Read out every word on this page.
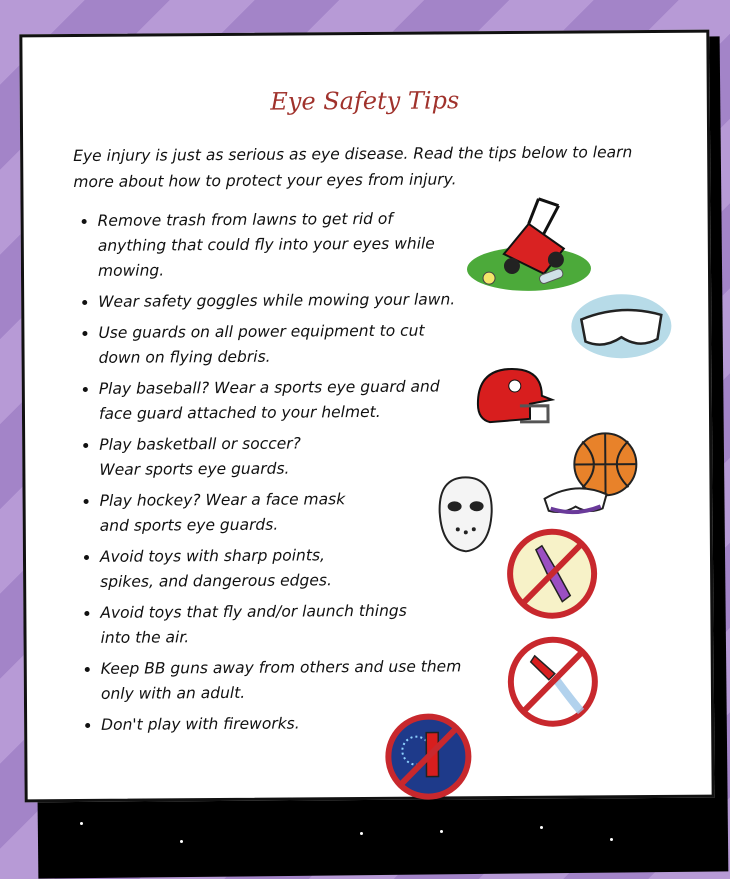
Eye Safety Tips
Eye injury is just as serious as eye disease. Read the tips below to learn more about how to protect your eyes from injury.
• Remove trash from lawns to get rid of anything that could fly into your eyes while mowing.
• Wear safety goggles while mowing your lawn.
• Use guards on all power equipment to cut down on flying debris.
• Play baseball? Wear a sports eye guard and face guard attached to your helmet.
• Play basketball or soccer? Wear sports eye guards.
• Play hockey? Wear a face mask and sports eye guards.
• Avoid toys with sharp points, spikes, and dangerous edges.
• Avoid toys that fly and/or launch things into the air.
• Keep BB guns away from others and use them only with an adult.
• Don't play with fireworks.
